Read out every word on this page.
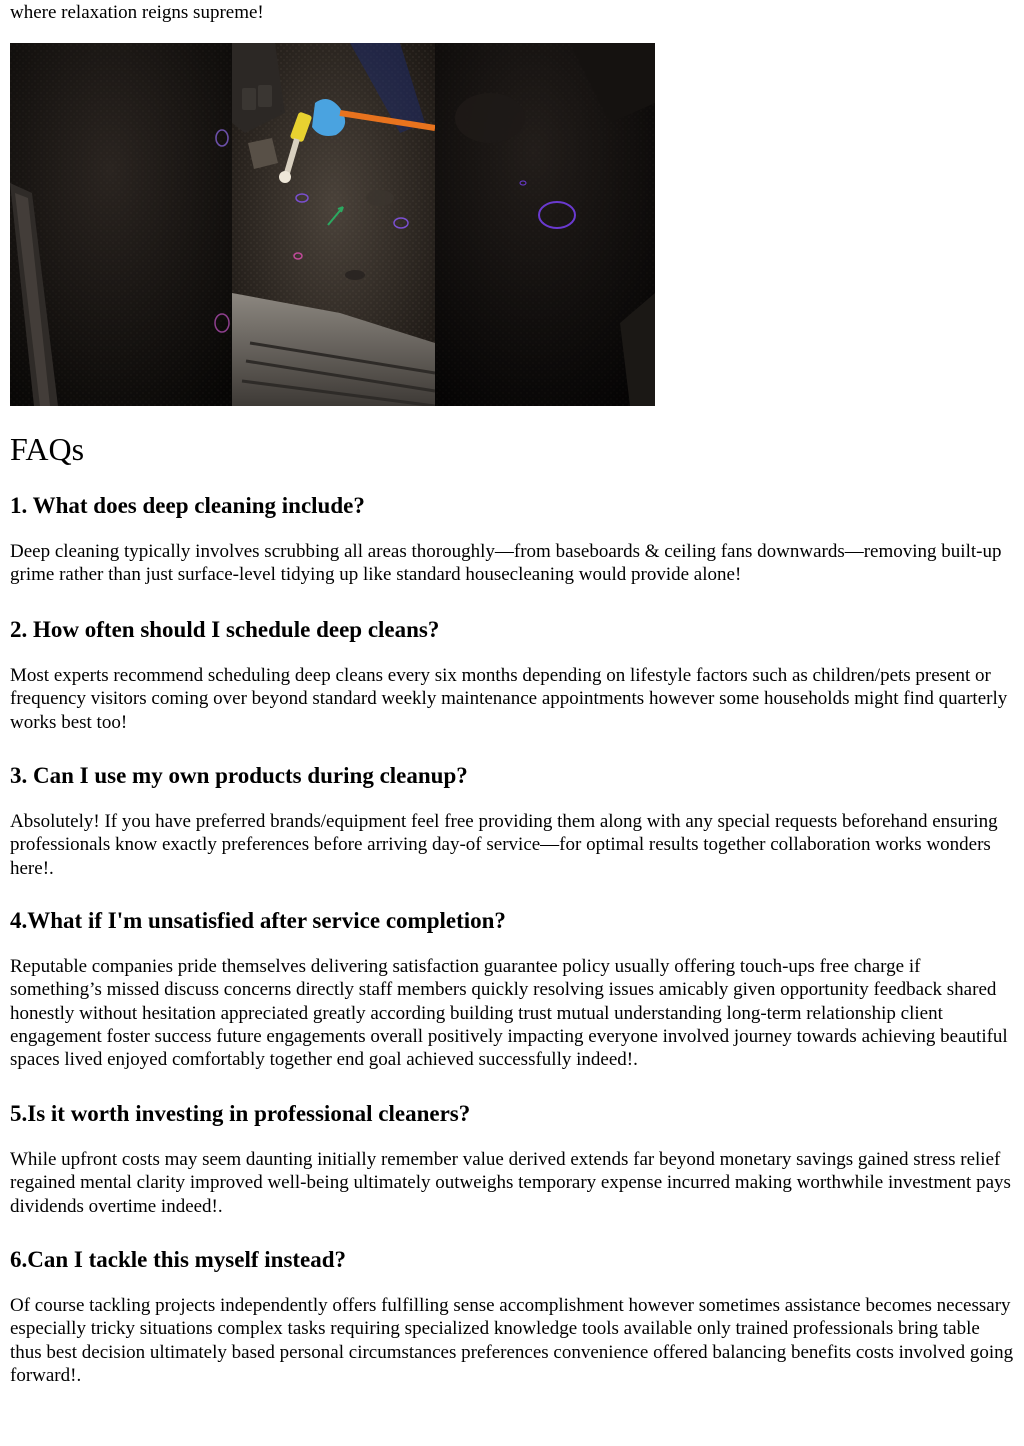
where relaxation reigns supreme!

FAQs
1. What does deep cleaning include?

Deep cleaning typically involves scrubbing all areas thoroughly—from baseboards & ceiling fans downwards—removing built-up grime rather than just surface-level tidying up like standard housecleaning would provide alone!

2. How often should I schedule deep cleans?

Most experts recommend scheduling deep cleans every six months depending on lifestyle factors such as children/pets present or frequency visitors coming over beyond standard weekly maintenance appointments however some households might find quarterly works best too!

3. Can I use my own products during cleanup?

Absolutely! If you have preferred brands/equipment feel free providing them along with any special requests beforehand ensuring professionals know exactly preferences before arriving day-of service—for optimal results together collaboration works wonders here!.

4.What if I'm unsatisfied after service completion?

Reputable companies pride themselves delivering satisfaction guarantee policy usually offering touch-ups free charge if something’s missed discuss concerns directly staff members quickly resolving issues amicably given opportunity feedback shared honestly without hesitation appreciated greatly according building trust mutual understanding long-term relationship client engagement foster success future engagements overall positively impacting everyone involved journey towards achieving beautiful spaces lived enjoyed comfortably together end goal achieved successfully indeed!.

5.Is it worth investing in professional cleaners?

While upfront costs may seem daunting initially remember value derived extends far beyond monetary savings gained stress relief regained mental clarity improved well-being ultimately outweighs temporary expense incurred making worthwhile investment pays dividends overtime indeed!.

6.Can I tackle this myself instead?

Of course tackling projects independently offers fulfilling sense accomplishment however sometimes assistance becomes necessary especially tricky situations complex tasks requiring specialized knowledge tools available only trained professionals bring table thus best decision ultimately based personal circumstances preferences convenience offered balancing benefits costs involved going forward!.
